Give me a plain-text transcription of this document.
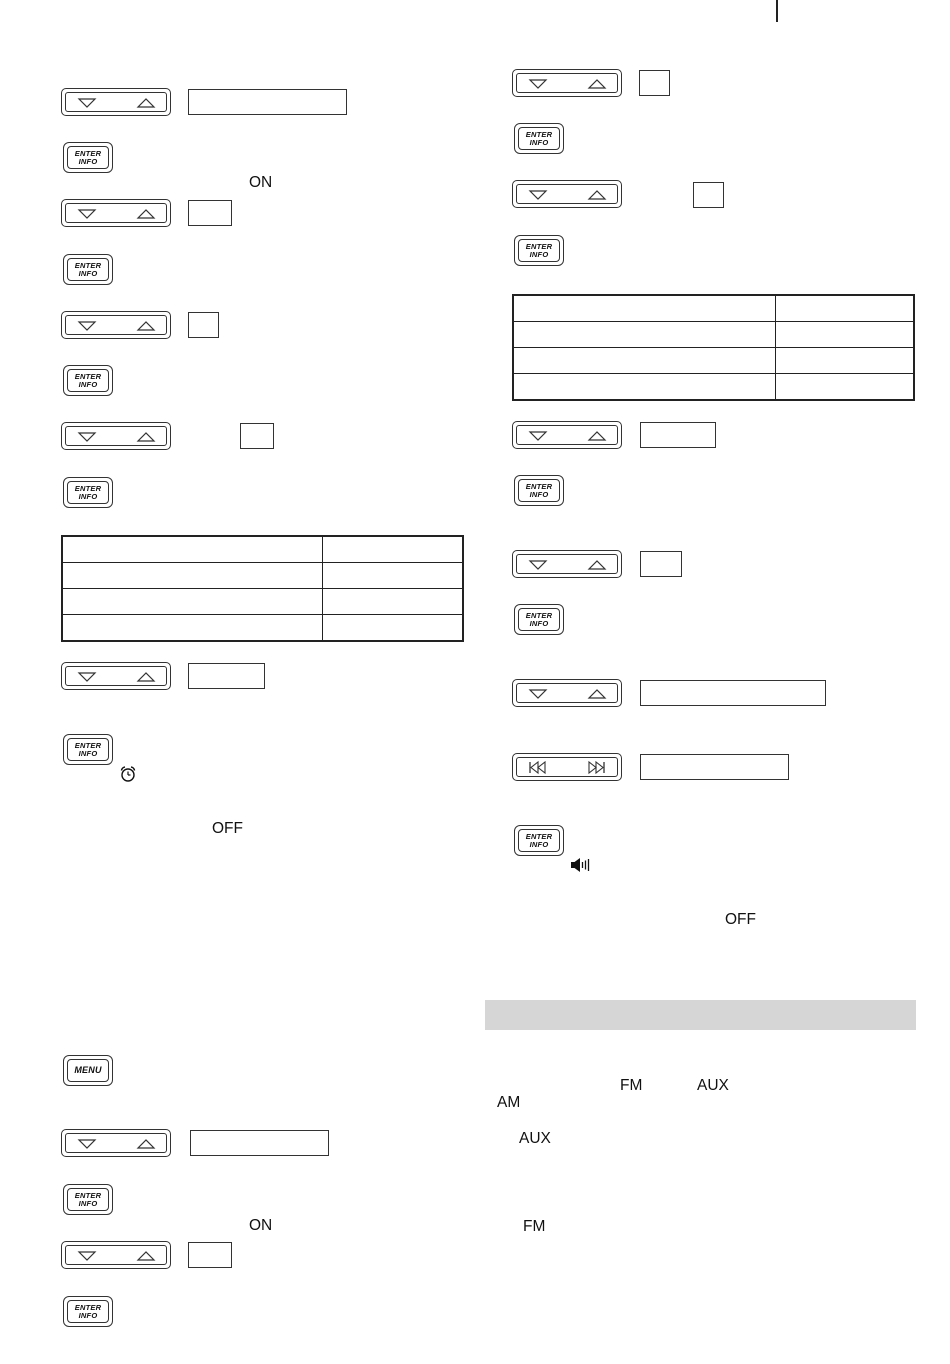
ENTER
INFO
ON
ENTER
INFO
ENTER
INFO
ENTER
INFO

ENTER
INFO
OFF
MENU
ENTER
INFO
ON
ENTER
INFO
ENTER
INFO
ENTER
INFO

ENTER
INFO
ENTER
INFO
ENTER
INFO
OFF
FM	AUX
AM
AUX
FM
